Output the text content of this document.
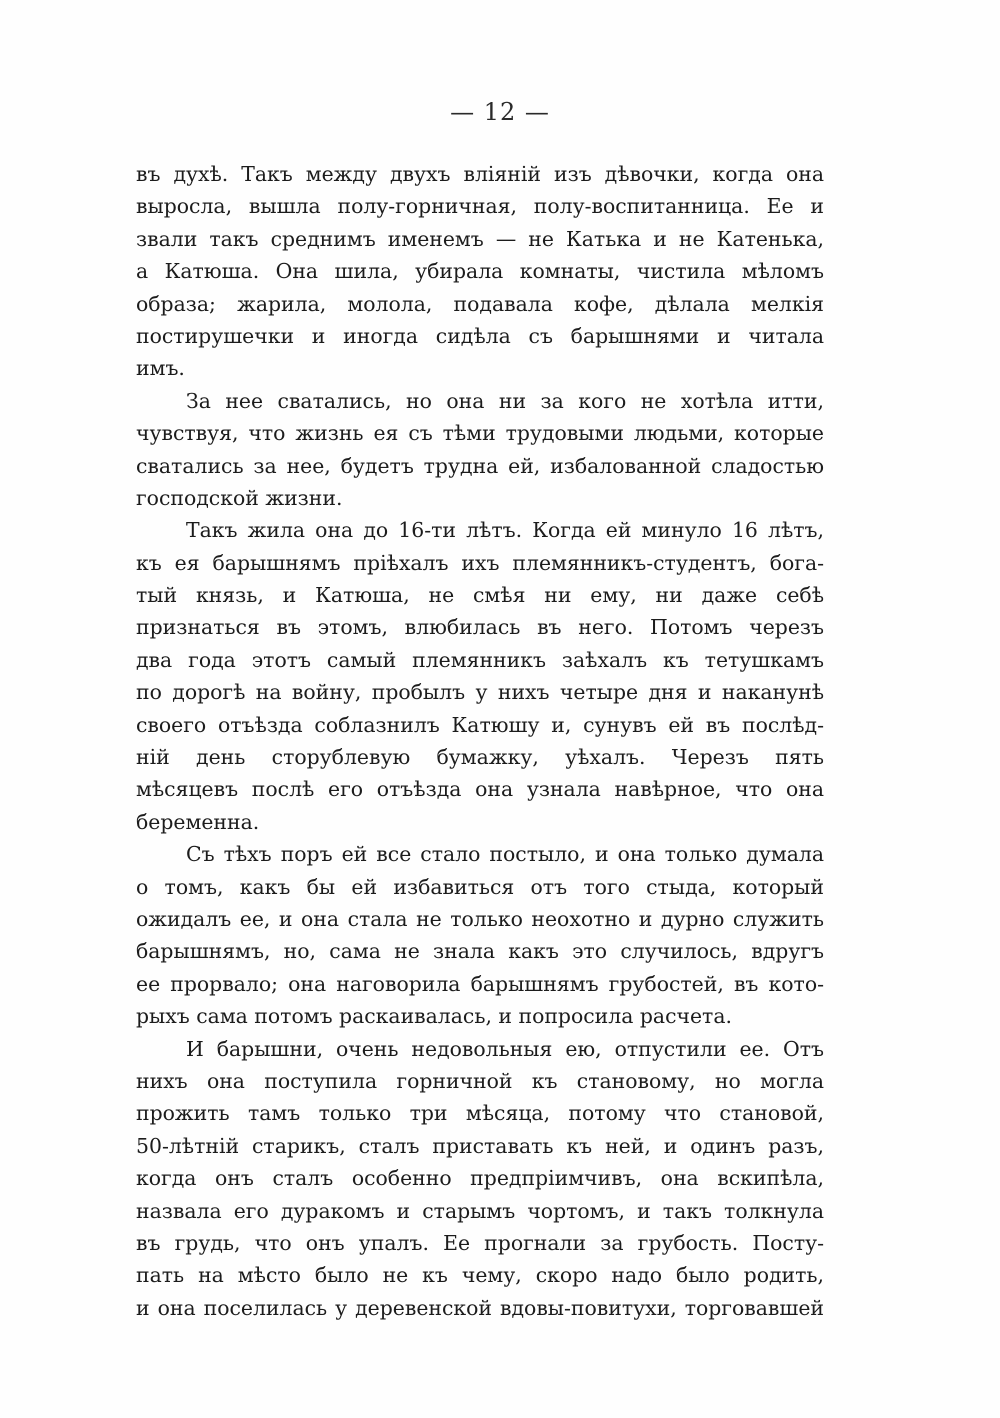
— 12 —
въ духѣ. Такъ между двухъ вліяній изъ дѣвочки, когда она
выросла, вышла полу-горничная, полу-воспитанница. Ее и
звали такъ среднимъ именемъ — не Катька и не Катенька,
а Катюша. Она шила, убирала комнаты, чистила мѣломъ
образа; жарила, молола, подавала кофе, дѣлала мелкія
постирушечки и иногда сидѣла съ барышнями и читала
имъ.
За нее сватались, но она ни за кого не хотѣла итти,
чувствуя, что жизнь ея съ тѣми трудовыми людьми, которые
сватались за нее, будетъ трудна ей, избалованной сладостью
господской жизни.
Такъ жила она до 16-ти лѣтъ. Когда ей минуло 16 лѣтъ,
къ ея барышнямъ пріѣхалъ ихъ племянникъ-студентъ, бога-
тый князь, и Катюша, не смѣя ни ему, ни даже себѣ
признаться въ этомъ, влюбилась въ него. Потомъ черезъ
два года этотъ самый племянникъ заѣхалъ къ тетушкамъ
по дорогѣ на войну, пробылъ у нихъ четыре дня и наканунѣ
своего отъѣзда соблазнилъ Катюшу и, сунувъ ей въ послѣд-
ній день сторублевую бумажку, уѣхалъ. Черезъ пять
мѣсяцевъ послѣ его отъѣзда она узнала навѣрное, что она
беременна.
Съ тѣхъ поръ ей все стало постыло, и она только думала
о томъ, какъ бы ей избавиться отъ того стыда, который
ожидалъ ее, и она стала не только неохотно и дурно служить
барышнямъ, но, сама не знала какъ это случилось, вдругъ
ее прорвало; она наговорила барышнямъ грубостей, въ кото-
рыхъ сама потомъ раскаивалась, и попросила расчета.
И барышни, очень недовольныя ею, отпустили ее. Отъ
нихъ она поступила горничной къ становому, но могла
прожить тамъ только три мѣсяца, потому что становой,
50-лѣтній старикъ, сталъ приставать къ ней, и одинъ разъ,
когда онъ сталъ особенно предпріимчивъ, она вскипѣла,
назвала его дуракомъ и старымъ чортомъ, и такъ толкнула
въ грудь, что онъ упалъ. Ее прогнали за грубость. Посту-
пать на мѣсто было не къ чему, скоро надо было родить,
и она поселилась у деревенской вдовы-повитухи, торговавшей
